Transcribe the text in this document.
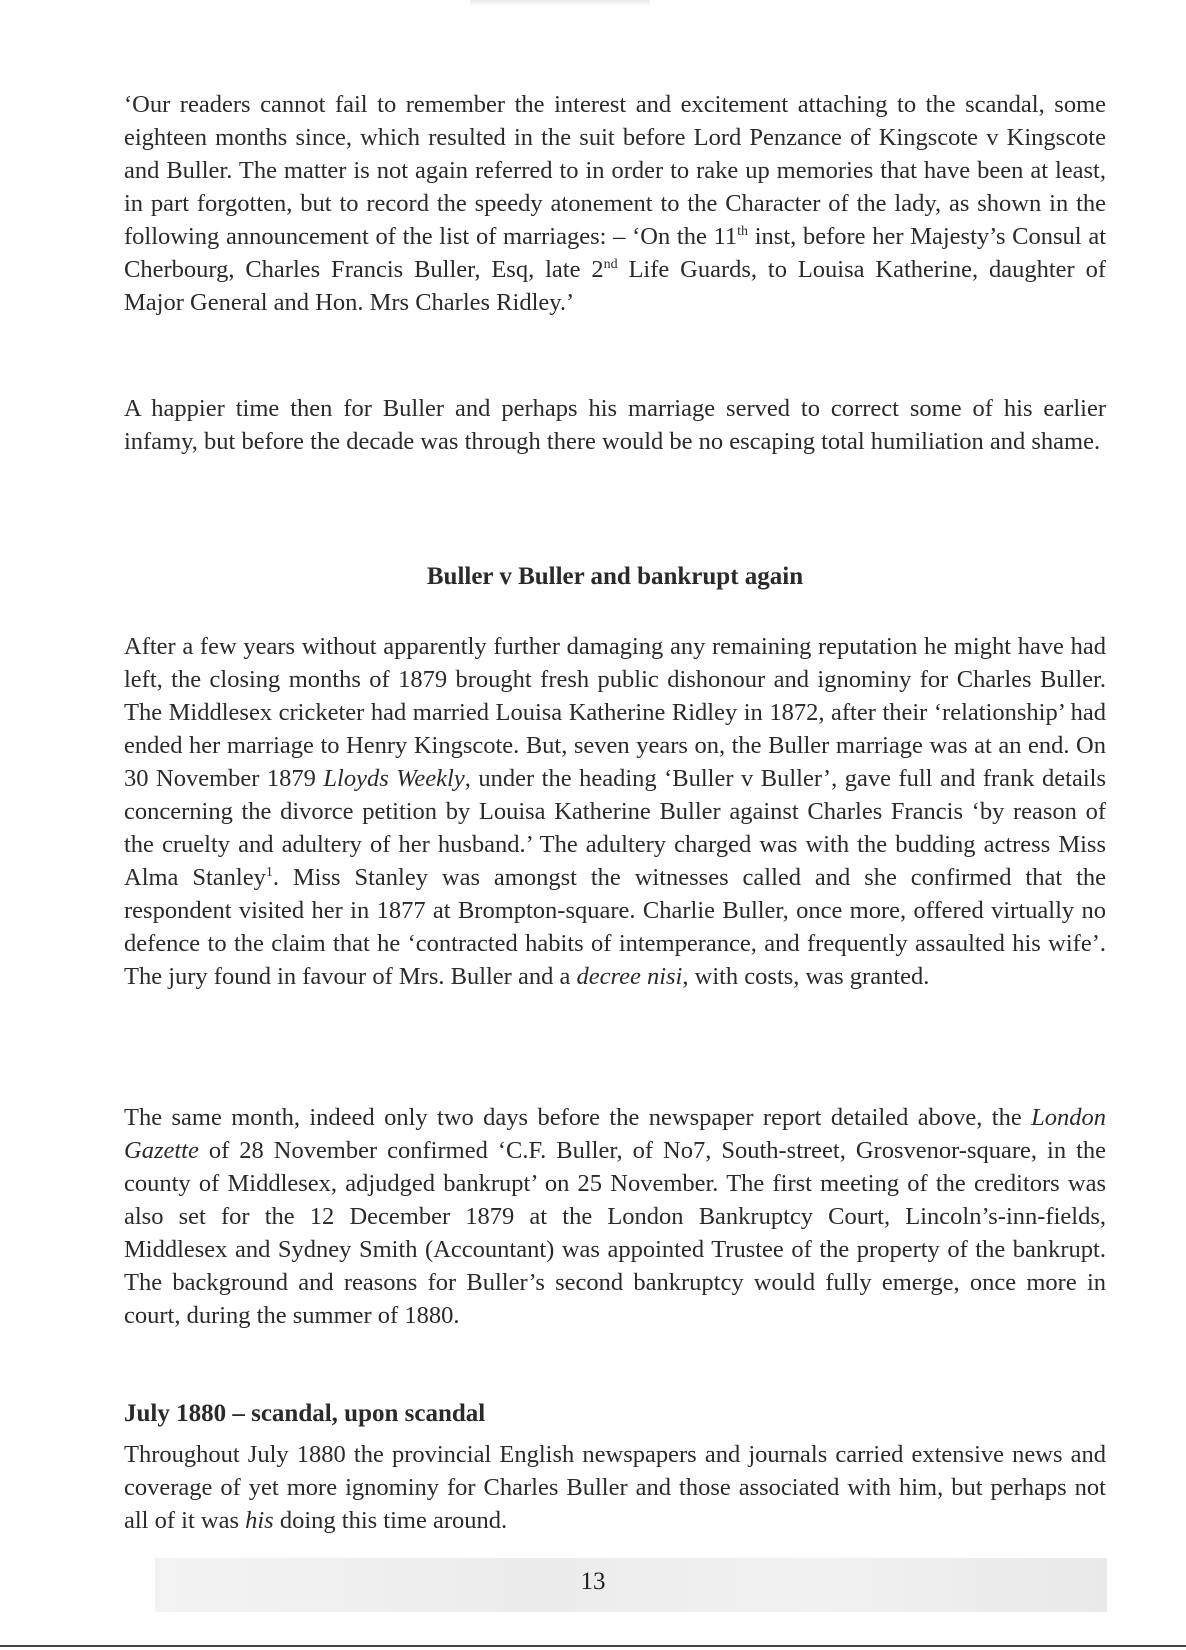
‘Our readers cannot fail to remember the interest and excitement attaching to the scandal, some eighteen months since, which resulted in the suit before Lord Penzance of Kingscote v Kingscote and Buller. The matter is not again referred to in order to rake up memories that have been at least, in part forgotten, but to record the speedy atonement to the Character of the lady, as shown in the following announcement of the list of marriages: – ‘On the 11th inst, before her Majesty’s Consul at Cherbourg, Charles Francis Buller, Esq, late 2nd Life Guards, to Louisa Katherine, daughter of Major General and Hon. Mrs Charles Ridley.’

A happier time then for Buller and perhaps his marriage served to correct some of his earlier infamy, but before the decade was through there would be no escaping total humiliation and shame.

Buller v Buller and bankrupt again

After a few years without apparently further damaging any remaining reputation he might have had left, the closing months of 1879 brought fresh public dishonour and ignominy for Charles Buller. The Middlesex cricketer had married Louisa Katherine Ridley in 1872, after their ‘relationship’ had ended her marriage to Henry Kingscote. But, seven years on, the Buller marriage was at an end. On 30 November 1879 Lloyds Weekly, under the heading ‘Buller v Buller’, gave full and frank details concerning the divorce petition by Louisa Katherine Buller against Charles Francis ‘by reason of the cruelty and adultery of her husband.’ The adultery charged was with the budding actress Miss Alma Stanley$^1$. Miss Stanley was amongst the witnesses called and she confirmed that the respondent visited her in 1877 at Brompton-square. Charlie Buller, once more, offered virtually no defence to the claim that he ‘contracted habits of intemperance, and frequently assaulted his wife’. The jury found in favour of Mrs. Buller and a decree nisi, with costs, was granted.

The same month, indeed only two days before the newspaper report detailed above, the London Gazette of 28 November confirmed ‘C.F. Buller, of No7, South-street, Grosvenor-square, in the county of Middlesex, adjudged bankrupt’ on 25 November. The first meeting of the creditors was also set for the 12 December 1879 at the London Bankruptcy Court, Lincoln’s-inn-fields, Middlesex and Sydney Smith (Accountant) was appointed Trustee of the property of the bankrupt. The background and reasons for Buller’s second bankruptcy would fully emerge, once more in court, during the summer of 1880.

July 1880 – scandal, upon scandal

Throughout July 1880 the provincial English newspapers and journals carried extensive news and coverage of yet more ignominy for Charles Buller and those associated with him, but perhaps not all of it was his doing this time around.

13
